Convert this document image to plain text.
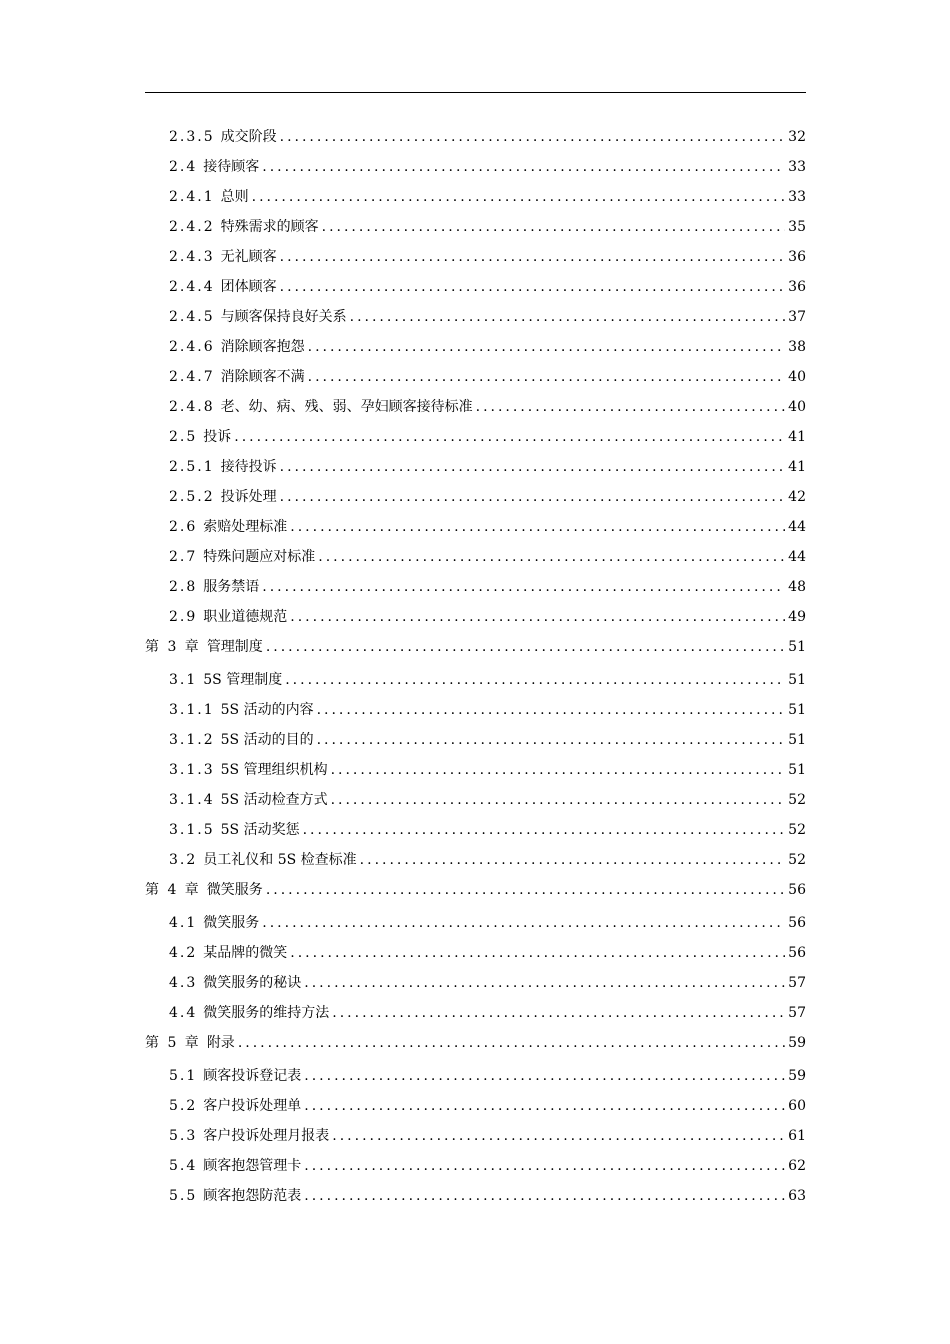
2.3.5 成交阶段 .....	32
2.4 接待顾客 .....	33
2.4.1 总则 .....	33
2.4.2 特殊需求的顾客 .....	35
2.4.3 无礼顾客 .....	36
2.4.4 团体顾客 .....	36
2.4.5 与顾客保持良好关系 .....	37
2.4.6 消除顾客抱怨 .....	38
2.4.7 消除顾客不满 .....	40
2.4.8 老、幼、病、残、弱、孕妇顾客接待标准 .....	40
2.5 投诉 .....	41
2.5.1 接待投诉 .....	41
2.5.2 投诉处理 .....	42
2.6 索赔处理标准 .....	44
2.7 特殊问题应对标准 .....	44
2.8 服务禁语 .....	48
2.9 职业道德规范 .....	49
第 3 章 管理制度 .....	51
3.1 5S 管理制度 .....	51
3.1.1 5S 活动的内容 .....	51
3.1.2 5S 活动的目的 .....	51
3.1.3 5S 管理组织机构 .....	51
3.1.4 5S 活动检查方式 .....	52
3.1.5 5S 活动奖惩 .....	52
3.2 员工礼仪和 5S 检查标准 .....	52
第 4 章 微笑服务 .....	56
4.1 微笑服务 .....	56
4.2 某品牌的微笑 .....	56
4.3 微笑服务的秘诀 .....	57
4.4 微笑服务的维持方法 .....	57
第 5 章 附录 .....	59
5.1 顾客投诉登记表 .....	59
5.2 客户投诉处理单 .....	60
5.3 客户投诉处理月报表 .....	61
5.4 顾客抱怨管理卡 .....	62
5.5 顾客抱怨防范表 .....	63
